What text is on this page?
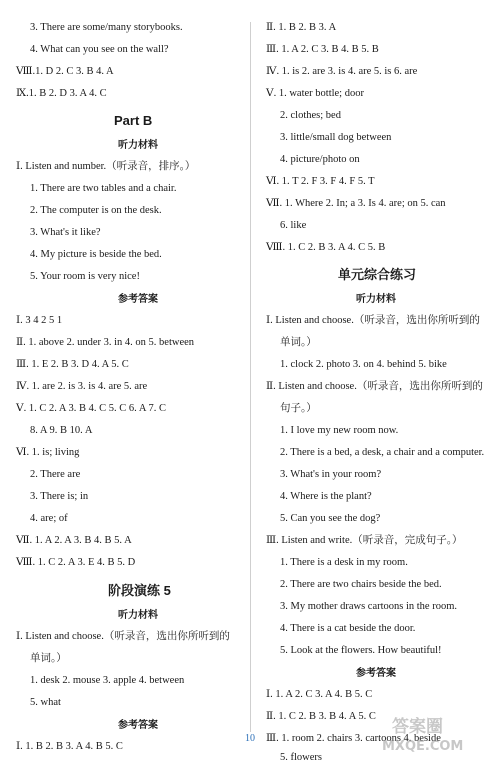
3. There are some/many storybooks.
4. What can you see on the wall?
Ⅷ.1. D 2. C 3. B 4. A
Ⅸ.1. B 2. D 3. A 4. C
Part B
听力材料
Ⅰ. Listen and number.（听录音，排序。）
1. There are two tables and a chair.
2. The computer is on the desk.
3. What's it like?
4. My picture is beside the bed.
5. Your room is very nice!
参考答案
Ⅰ. 3 4 2 5 1
Ⅱ. 1. above 2. under 3. in 4. on 5. between
Ⅲ. 1. E 2. B 3. D 4. A 5. C
Ⅳ. 1. are 2. is 3. is 4. are 5. are
Ⅴ. 1. C 2. A 3. B 4. C 5. C 6. A 7. C
8. A 9. B 10. A
Ⅵ. 1. is; living
2. There are
3. There is; in
4. are; of
Ⅶ. 1. A 2. A 3. B 4. B 5. A
Ⅷ. 1. C 2. A 3. E 4. B 5. D
阶段演练 5
听力材料
Ⅰ. Listen and choose.（听录音，选出你所听到的
单词。）
1. desk 2. mouse 3. apple 4. between
5. what
参考答案
Ⅰ. 1. B 2. B 3. A 4. B 5. C
Ⅱ. 1. B 2. B 3. A
Ⅲ. 1. A 2. C 3. B 4. B 5. B
Ⅳ. 1. is 2. are 3. is 4. are 5. is 6. are
Ⅴ. 1. water bottle; door
2. clothes; bed
3. little/small dog between
4. picture/photo on
Ⅵ. 1. T 2. F 3. F 4. F 5. T
Ⅶ. 1. Where 2. In; a 3. Is 4. are; on 5. can
6. like
Ⅷ. 1. C 2. B 3. A 4. C 5. B
单元综合练习
听力材料
Ⅰ. Listen and choose.（听录音，选出你所听到的
单词。）
1. clock 2. photo 3. on 4. behind 5. bike
Ⅱ. Listen and choose.（听录音，选出你所听到的
句子。）
1. I love my new room now.
2. There is a bed, a desk, a chair and a computer.
3. What's in your room?
4. Where is the plant?
5. Can you see the dog?
Ⅲ. Listen and write.（听录音，完成句子。）
1. There is a desk in my room.
2. There are two chairs beside the bed.
3. My mother draws cartoons in the room.
4. There is a cat beside the door.
5. Look at the flowers. How beautiful!
参考答案
Ⅰ. 1. A 2. C 3. A 4. B 5. C
Ⅱ. 1. C 2. B 3. B 4. A 5. C
Ⅲ. 1. room 2. chairs 3. cartoons 4. beside
5. flowers
10
答案圈
MXQE.COM
